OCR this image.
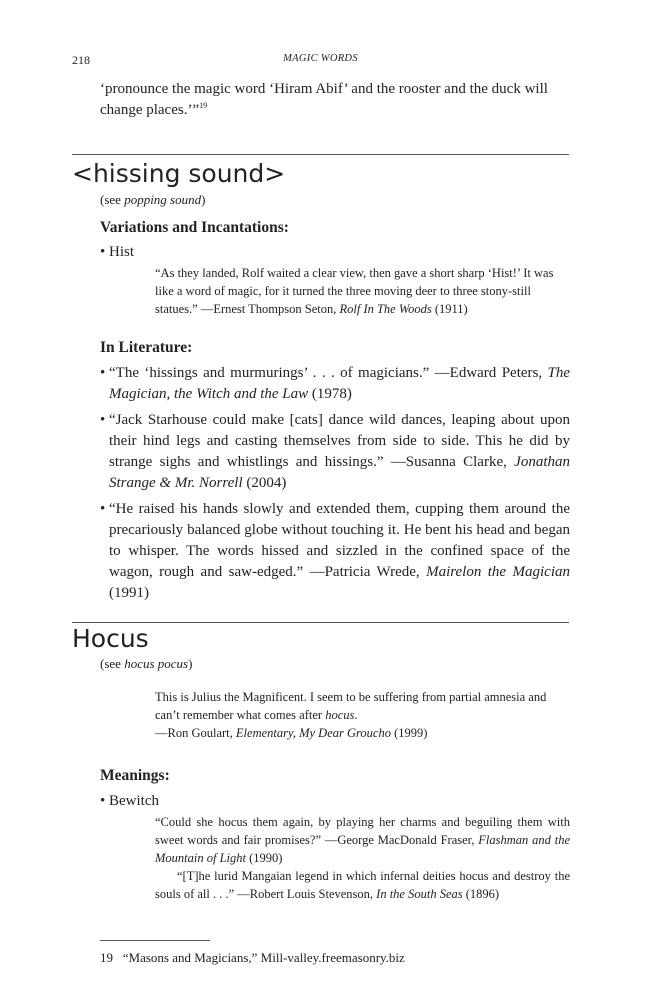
218	MAGIC WORDS
‘pronounce the magic word ‘Hiram Abif’ and the rooster and the duck will change places.’”$^{19}$
<hissing sound>
(see popping sound)
Variations and Incantations:
• Hist
“As they landed, Rolf waited a clear view, then gave a short sharp ‘Hist!’ It was like a word of magic, for it turned the three moving deer to three stony-still statues.” —Ernest Thompson Seton, Rolf In The Woods (1911)
In Literature:
• “The ‘hissings and murmurings’ . . . of magicians.” —Edward Peters, The Magician, the Witch and the Law (1978)
• “Jack Starhouse could make [cats] dance wild dances, leaping about upon their hind legs and casting themselves from side to side. This he did by strange sighs and whistlings and hissings.” —Susanna Clarke, Jonathan Strange & Mr. Norrell (2004)
• “He raised his hands slowly and extended them, cupping them around the precariously balanced globe without touching it. He bent his head and began to whisper. The words hissed and sizzled in the confined space of the wagon, rough and saw-edged.” —Patricia Wrede, Mairelon the Magician (1991)
Hocus
(see hocus pocus)
This is Julius the Magnificent. I seem to be suffering from partial amnesia and can’t remember what comes after hocus.
—Ron Goulart, Elementary, My Dear Groucho (1999)
Meanings:
• Bewitch
“Could she hocus them again, by playing her charms and beguiling them with sweet words and fair promises?” —George MacDonald Fraser, Flashman and the Mountain of Light (1990)
“[T]he lurid Mangaian legend in which infernal deities hocus and destroy the souls of all . . .” —Robert Louis Stevenson, In the South Seas (1896)
19 “Masons and Magicians,” Mill-valley.freemasonry.biz
